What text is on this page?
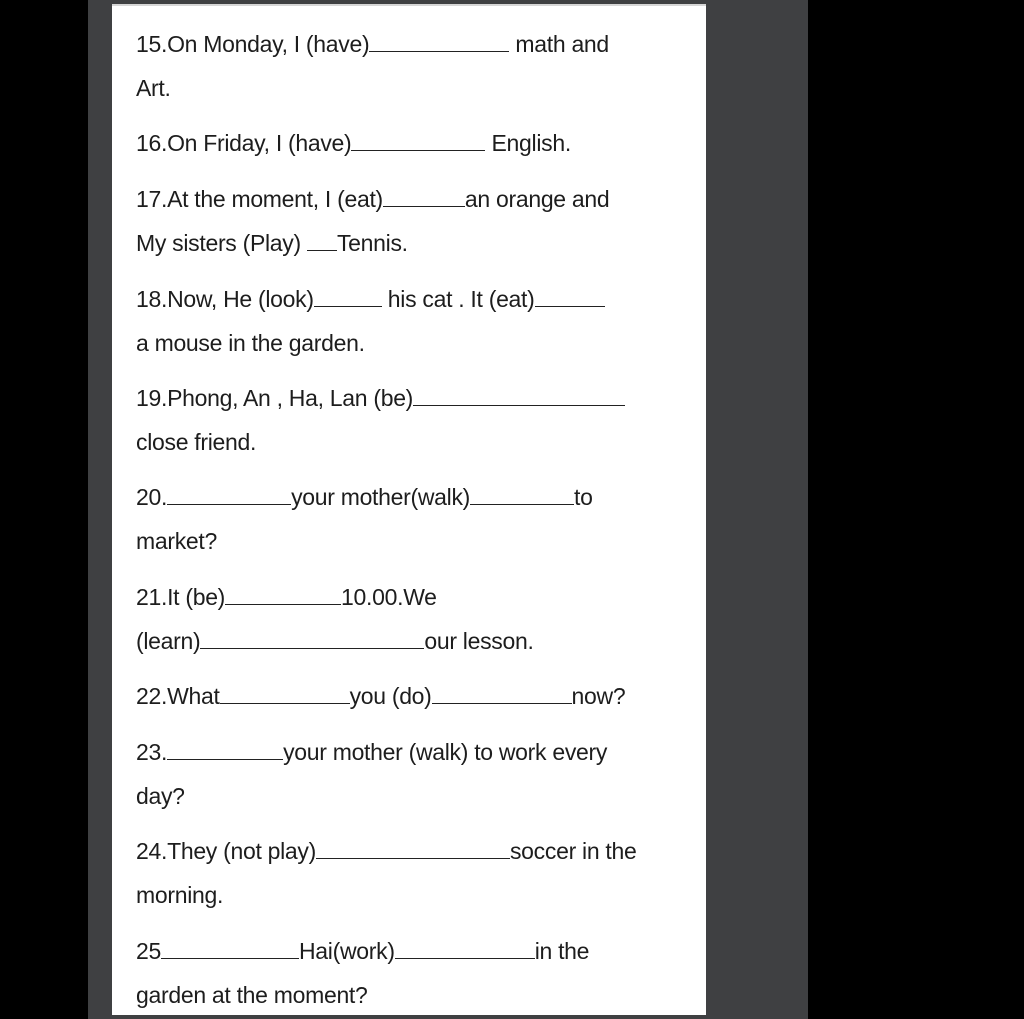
15.On Monday, I (have)	math and

Art.

16.On Friday, I (have)	English.

17.At the moment, I (eat)	an orange and

My sisters (Play) Tennis.

18.Now, He (look)	his cat . It (eat)

a mouse in the garden.

19.Phong, An , Ha, Lan (be)

close friend.

20.	your mother(walk)	to

market?

21.It (be)	10.00.We

(learn)	our lesson.

22.What	you (do)	now?

23.	your mother (walk) to work every

day?

24.They (not play)	soccer in the

morning.

25	Hai(work)	in the

garden at the moment?
